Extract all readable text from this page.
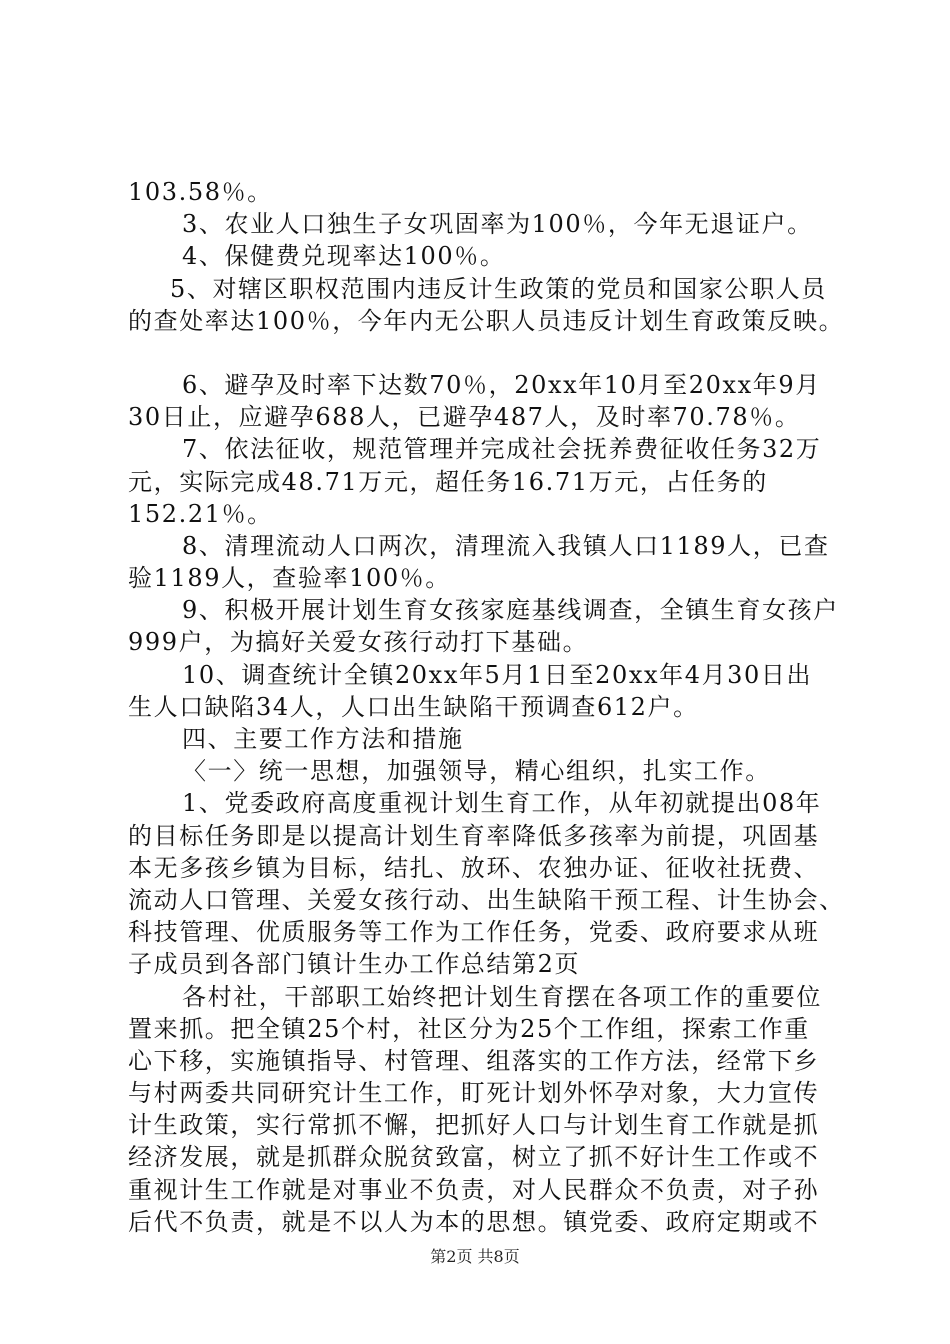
103.58％。
3、农业人口独生子女巩固率为100％，今年无退证户。
4、保健费兑现率达100％。
5、对辖区职权范围内违反计生政策的党员和国家公职人员
的查处率达100％，今年内无公职人员违反计划生育政策反映。
6、避孕及时率下达数70％，20xx年10月至20xx年9月
30日止，应避孕688人，已避孕487人，及时率70.78％。
7、依法征收，规范管理并完成社会抚养费征收任务32万
元，实际完成48.71万元，超任务16.71万元，占任务的
152.21％。
8、清理流动人口两次，清理流入我镇人口1189人，已查
验1189人，查验率100％。
9、积极开展计划生育女孩家庭基线调查，全镇生育女孩户
999户，为搞好关爱女孩行动打下基础。
10、调查统计全镇20xx年5月1日至20xx年4月30日出
生人口缺陷34人，人口出生缺陷干预调查612户。
四、主要工作方法和措施
〈一〉统一思想，加强领导，精心组织，扎实工作。
1、党委政府高度重视计划生育工作，从年初就提出08年
的目标任务即是以提高计划生育率降低多孩率为前提，巩固基
本无多孩乡镇为目标，结扎、放环、农独办证、征收社抚费、
流动人口管理、关爱女孩行动、出生缺陷干预工程、计生协会、
科技管理、优质服务等工作为工作任务，党委、政府要求从班
子成员到各部门镇计生办工作总结第2页
各村社，干部职工始终把计划生育摆在各项工作的重要位
置来抓。把全镇25个村，社区分为25个工作组，探索工作重
心下移，实施镇指导、村管理、组落实的工作方法，经常下乡
与村两委共同研究计生工作，盯死计划外怀孕对象，大力宣传
计生政策，实行常抓不懈，把抓好人口与计划生育工作就是抓
经济发展，就是抓群众脱贫致富，树立了抓不好计生工作或不
重视计生工作就是对事业不负责，对人民群众不负责，对子孙
后代不负责，就是不以人为本的思想。镇党委、政府定期或不
第2页 共8页
